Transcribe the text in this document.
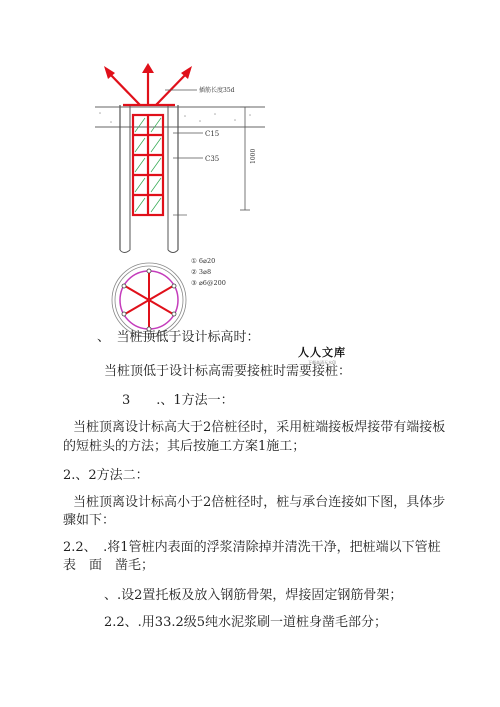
插筋长度35d
C15
C35	1000
① 6⌀20
② 3⌀8
③ ⌀6@200
人人文库
下载高清无水印
、　当桩顶低于设计标高时：
当桩顶低于设计标高需要接桩时需要接桩：
3　　.、1方法一：
当桩顶离设计标高大于2倍桩径时，采用桩端接板焊接带有端接板
的短桩头的方法；其后按施工方案1施工；
2.、2方法二：
当桩顶离设计标高小于2倍桩径时，桩与承台连接如下图，具体步
骤如下：
2.2、　.将1管桩内表面的浮浆清除掉并清洗干净，把桩端以下管桩
表　面　凿毛；
、.设2置托板及放入钢筋骨架，焊接固定钢筋骨架；
2.2、.用33.2级5纯水泥浆刷一道桩身凿毛部分；
